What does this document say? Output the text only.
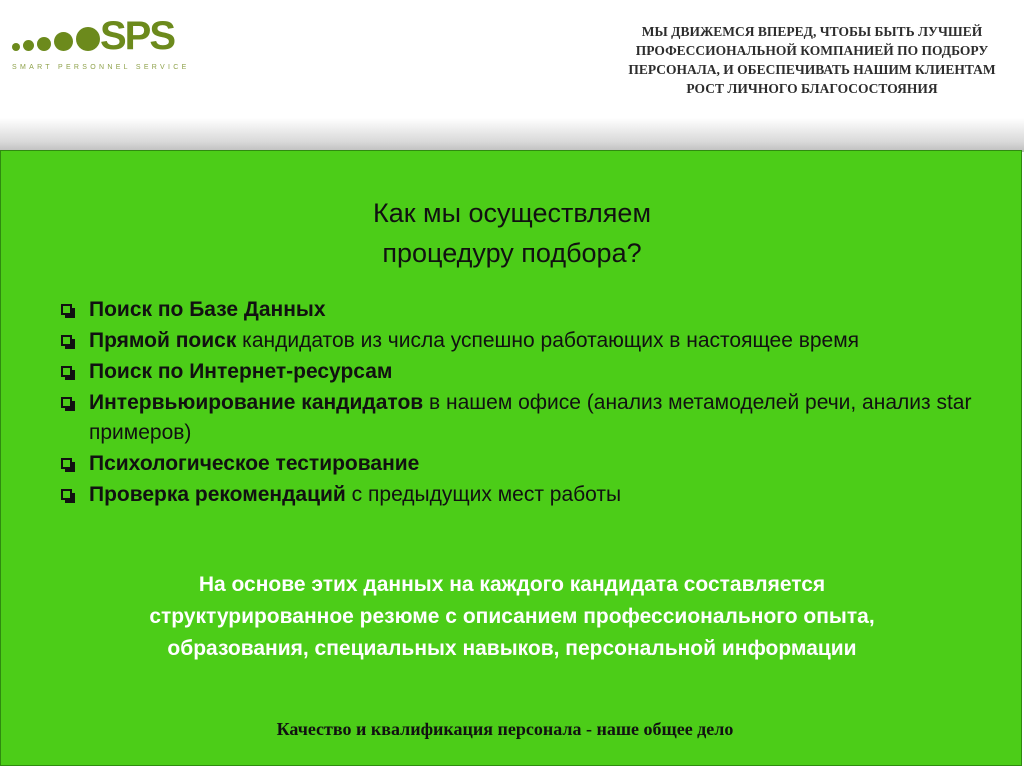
SPS
SMART PERSONNEL SERVICE
МЫ ДВИЖЕМСЯ ВПЕРЕД, ЧТОБЫ БЫТЬ ЛУЧШЕЙ ПРОФЕССИОНАЛЬНОЙ КОМПАНИЕЙ ПО ПОДБОРУ ПЕРСОНАЛА, И ОБЕСПЕЧИВАТЬ НАШИМ КЛИЕНТАМ РОСТ ЛИЧНОГО БЛАГОСОСТОЯНИЯ
Как мы осуществляем
процедуру подбора?
Поиск по Базе Данных
Прямой поиск кандидатов из числа успешно работающих в настоящее время
Поиск по Интернет-ресурсам
Интервьюирование кандидатов в нашем офисе (анализ метамоделей речи, анализ star примеров)
Психологическое тестирование
Проверка рекомендаций с предыдущих мест работы
На основе этих данных на каждого кандидата составляется
структурированное резюме с описанием профессионального опыта,
образования, специальных навыков, персональной информации
Качество и квалификация персонала - наше общее дело
